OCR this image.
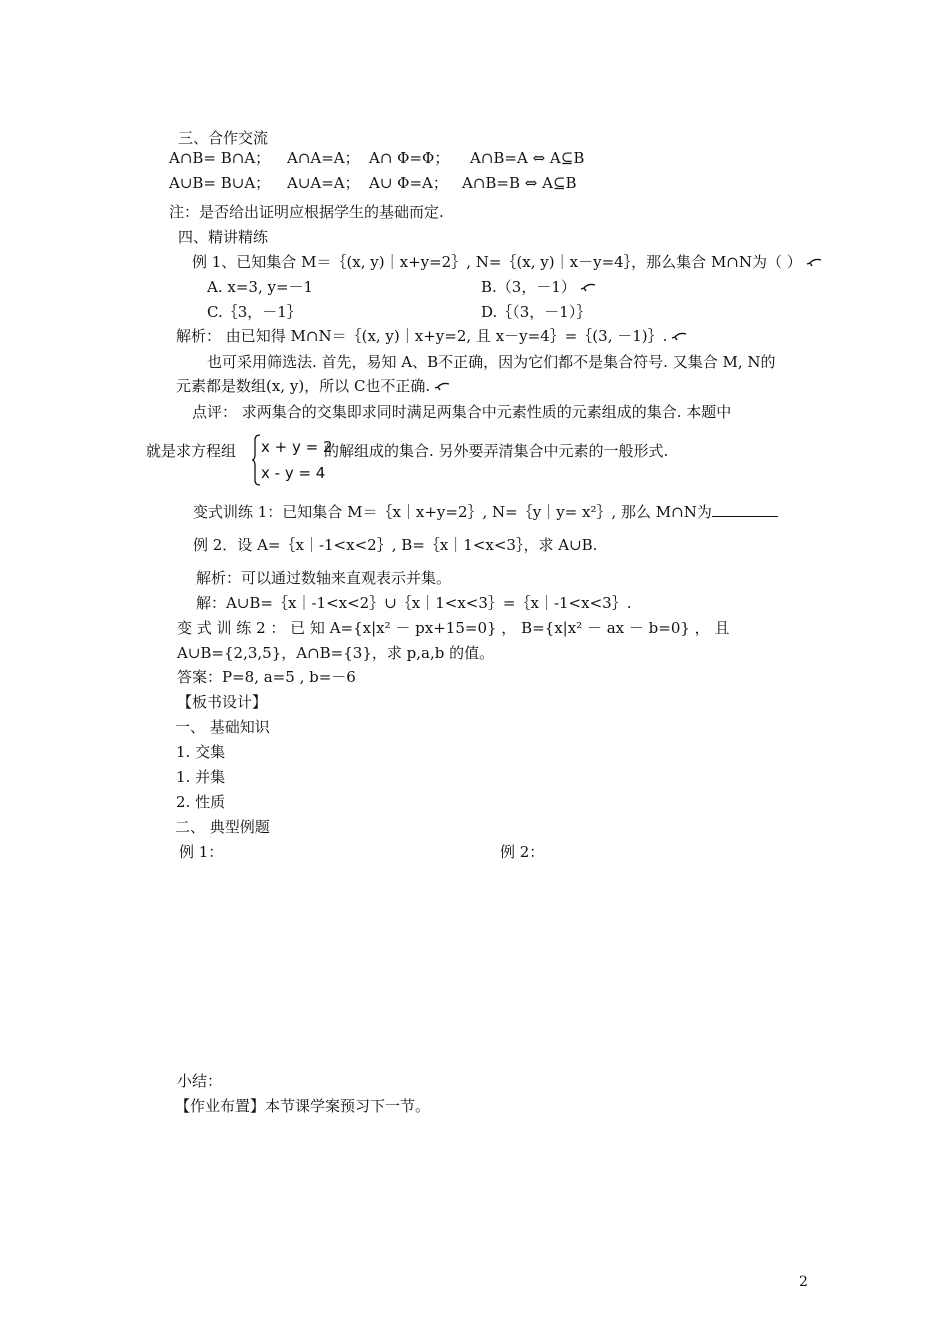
三、合作交流
A∩B= B∩A； A∩A=A； A∩ Φ=Φ； A∩B=A ⇔ A⊆B
A∪B= B∪A； A∪A=A； A∪ Φ=A； A∩B=B ⇔ A⊆B
注：是否给出证明应根据学生的基础而定.
四、精讲精练
例 1、已知集合 M＝｛(x, y)｜x+y=2｝, N=｛(x, y)｜x－y=4｝，那么集合 M∩N为（ ）
A. x=3, y=－1	B.（3，－1）
C.｛3，－1｝	D.｛（3，－1）｝
解析： 由已知得 M∩N＝｛(x, y)｜x+y=2, 且 x－y=4｝=｛(3, －1)｝.
也可采用筛选法. 首先，易知 A、B不正确，因为它们都不是集合符号. 又集合 M, N的
元素都是数组(x, y)，所以 C也不正确.
点评： 求两集合的交集即求同时满足两集合中元素性质的元素组成的集合. 本题中
就是求方程组 x + y = 2
x - y = 4
的解组成的集合. 另外要弄清集合中元素的一般形式.
变式训练 1：已知集合 M＝｛x｜x+y=2｝, N=｛y｜y= x²｝, 那么 M∩N为
例 2．设 A=｛x｜-1<x<2｝, B=｛x｜1<x<3｝，求 A∪B.
解析：可以通过数轴来直观表示并集。
解：A∪B=｛x｜-1<x<2｝∪｛x｜1<x<3｝=｛x｜-1<x<3｝.
变 式 训 练 2 ： 已 知 A={x|x² － px+15=0} ， B={x|x² － ax － b=0} ， 且
A∪B={2,3,5}，A∩B={3}，求 p,a,b 的值。
答案：P=8, a=5 , b=－6
【板书设计】
一、 基础知识
1. 交集
1. 并集
2. 性质
二、 典型例题
例 1：	例 2：
小结：
【作业布置】本节课学案预习下一节。
2
